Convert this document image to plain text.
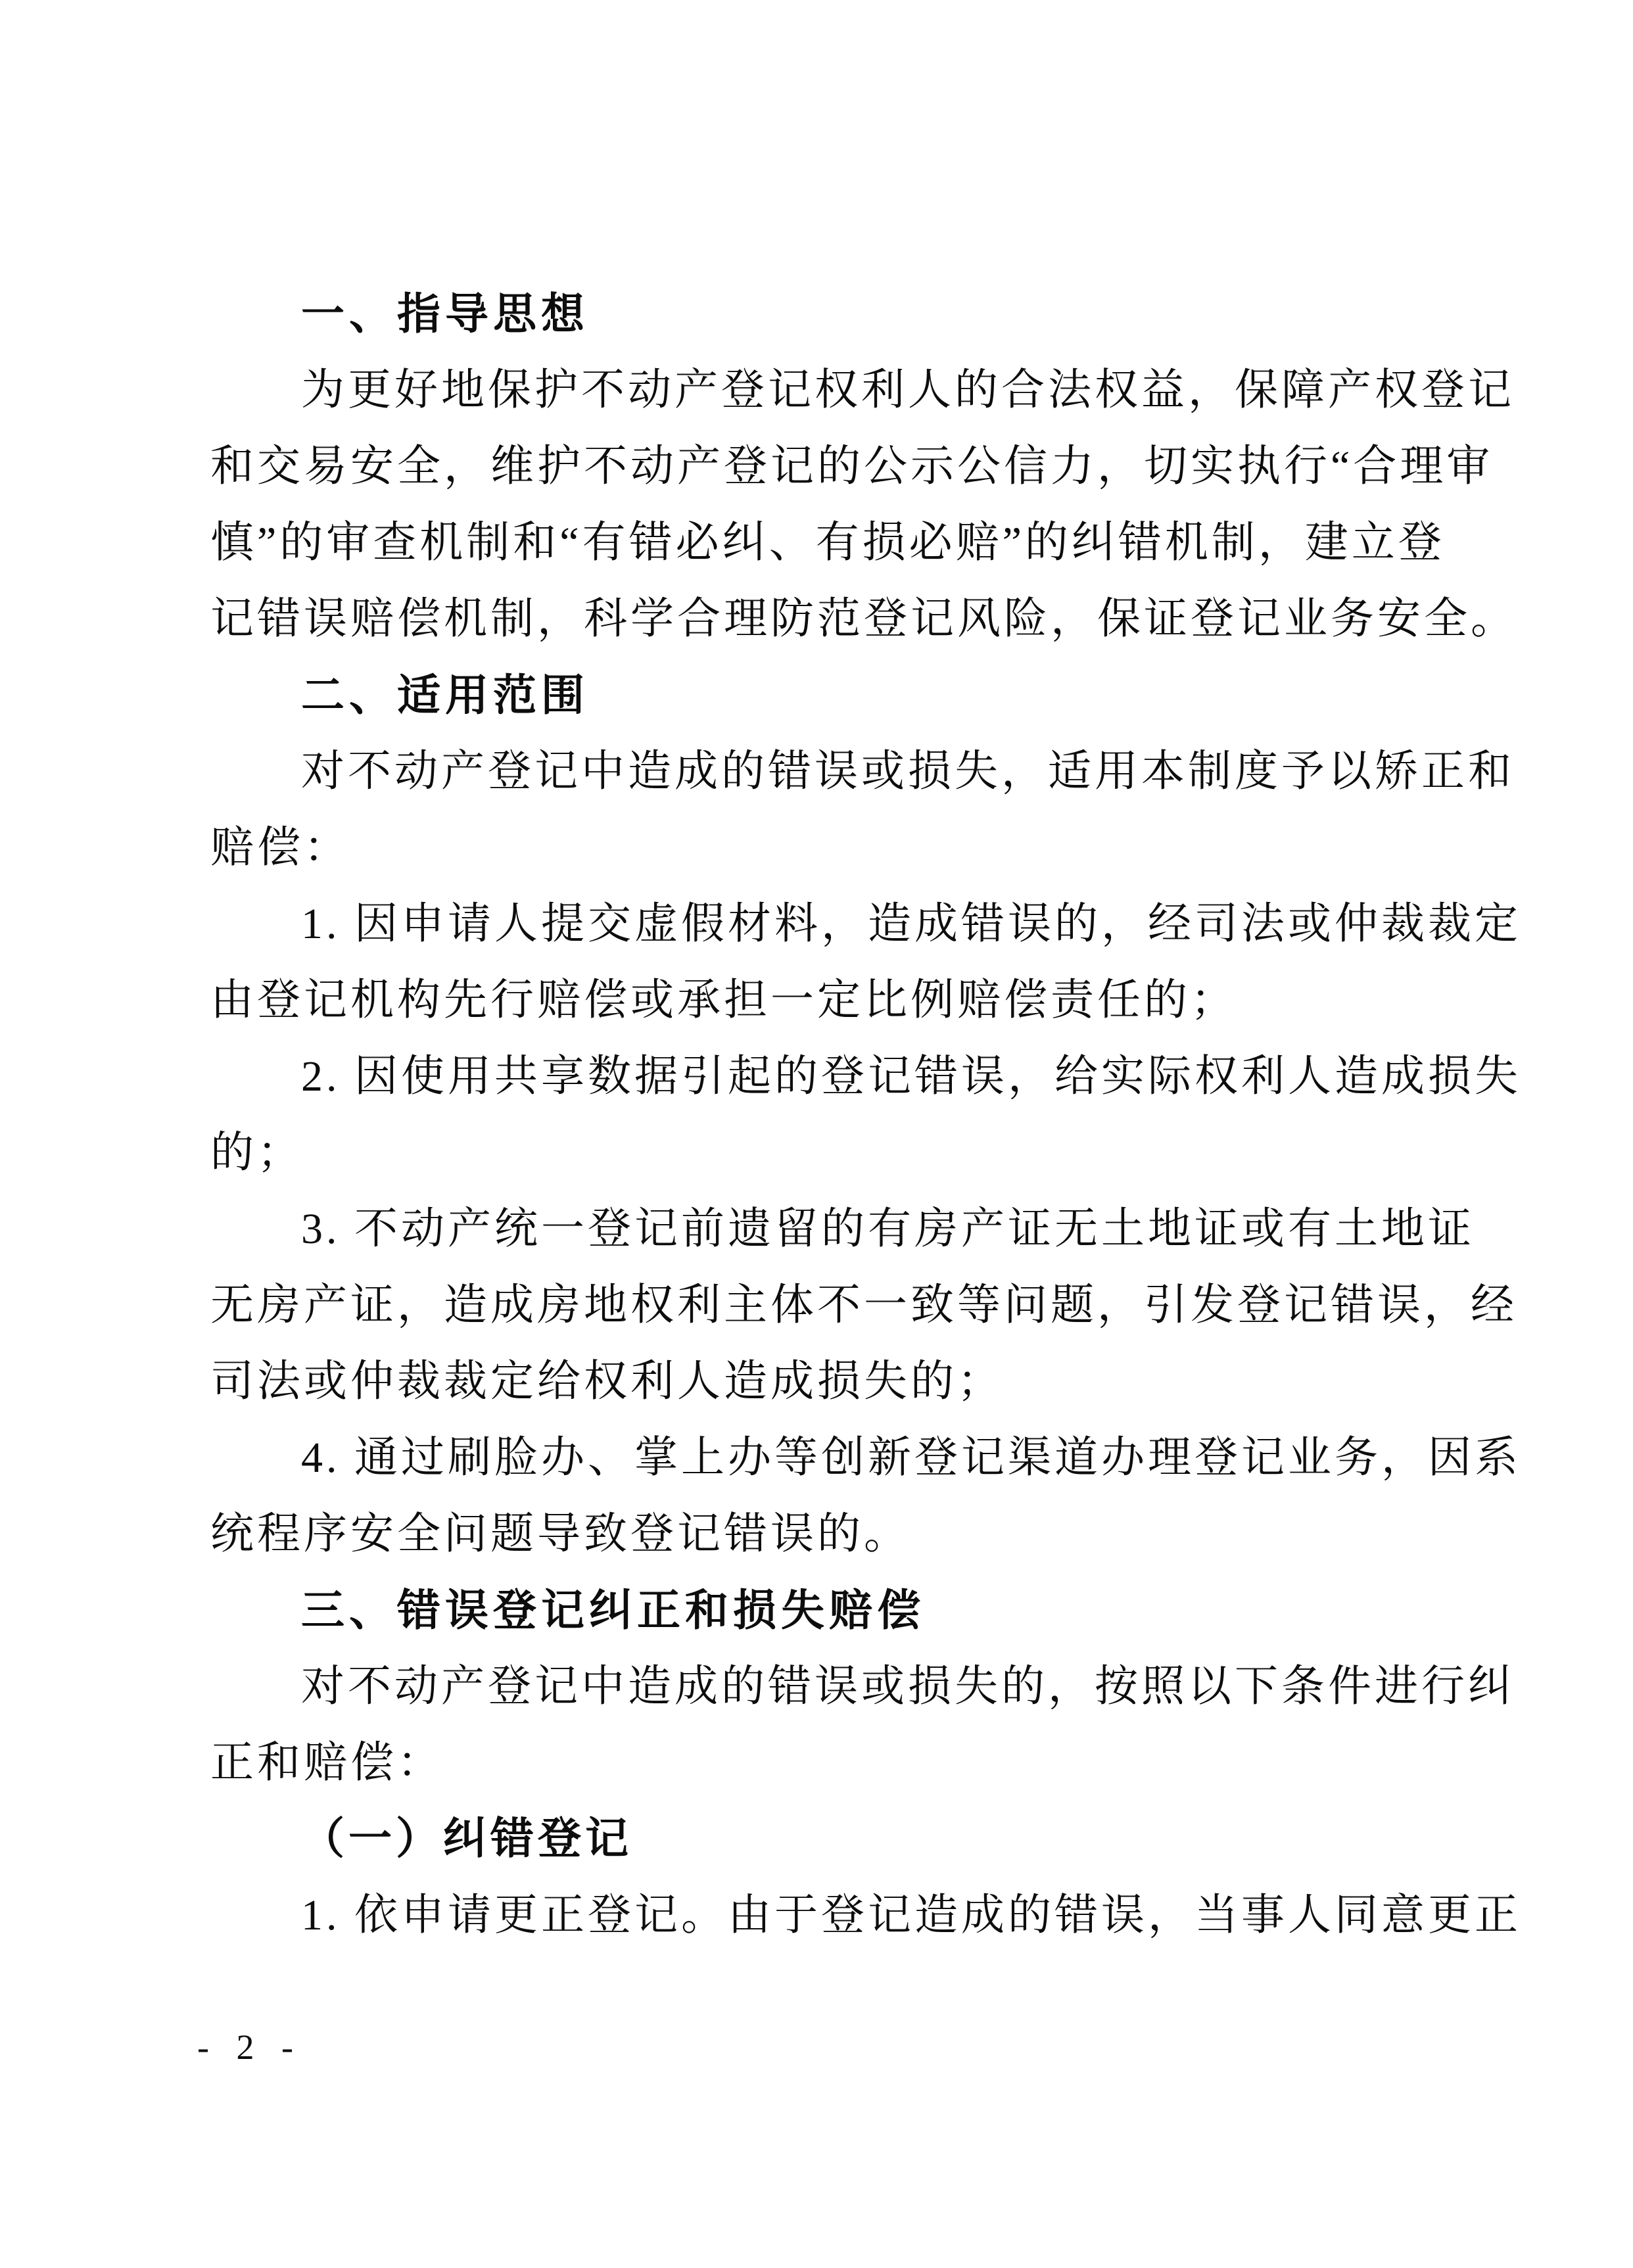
一、指导思想
为更好地保护不动产登记权利人的合法权益，保障产权登记
和交易安全，维护不动产登记的公示公信力，切实执行“合理审
慎”的审查机制和“有错必纠、有损必赔”的纠错机制，建立登
记错误赔偿机制，科学合理防范登记风险，保证登记业务安全。
二、适用范围
对不动产登记中造成的错误或损失，适用本制度予以矫正和
赔偿：
1. 因申请人提交虚假材料，造成错误的，经司法或仲裁裁定
由登记机构先行赔偿或承担一定比例赔偿责任的；
2. 因使用共享数据引起的登记错误，给实际权利人造成损失
的；
3. 不动产统一登记前遗留的有房产证无土地证或有土地证
无房产证，造成房地权利主体不一致等问题，引发登记错误，经
司法或仲裁裁定给权利人造成损失的；
4. 通过刷脸办、掌上办等创新登记渠道办理登记业务，因系
统程序安全问题导致登记错误的。
三、错误登记纠正和损失赔偿
对不动产登记中造成的错误或损失的，按照以下条件进行纠
正和赔偿：
（一）纠错登记
1. 依申请更正登记。由于登记造成的错误，当事人同意更正
- 2 -
